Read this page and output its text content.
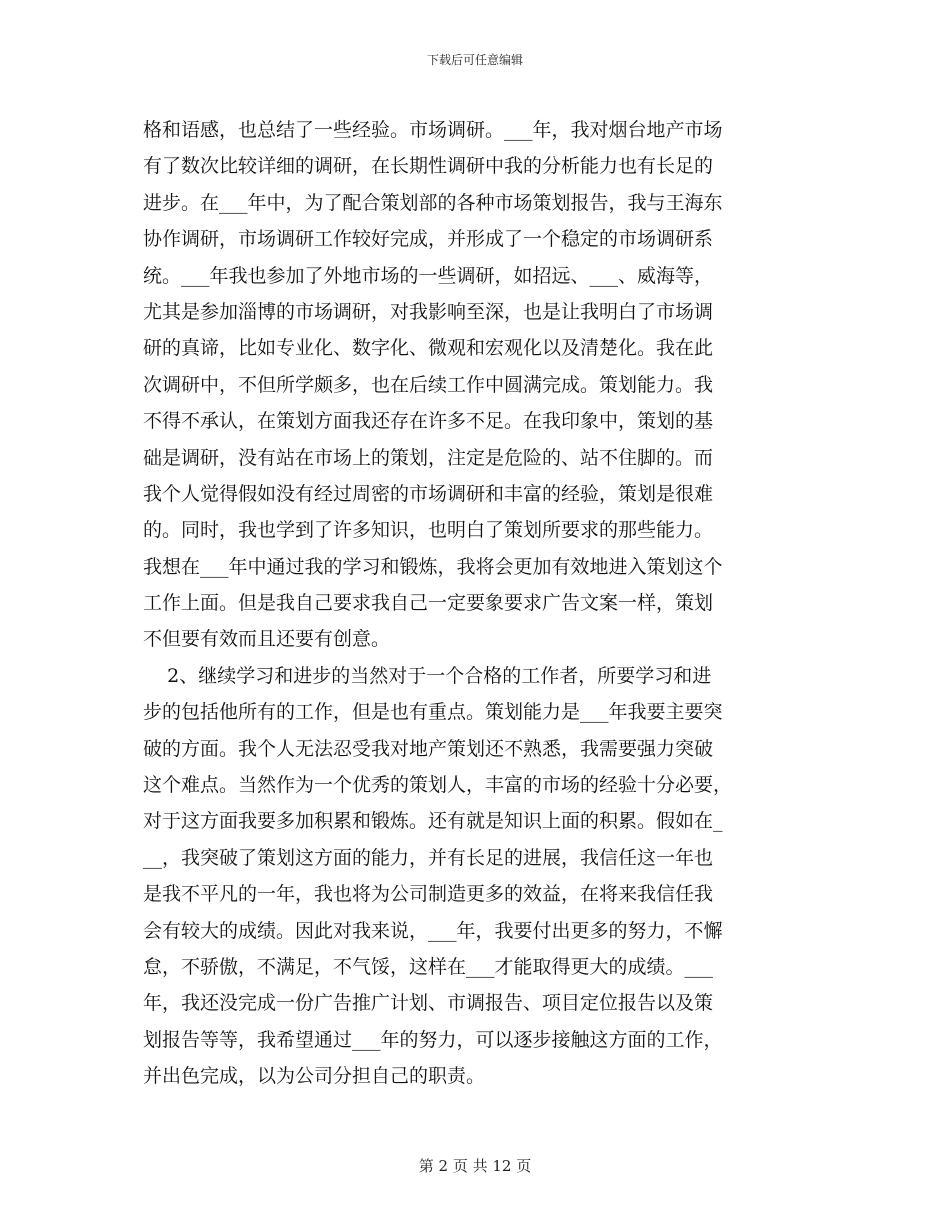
下载后可任意编辑
格和语感，也总结了一些经验。市场调研。___年，我对烟台地产市场
有了数次比较详细的调研，在长期性调研中我的分析能力也有长足的
进步。在___年中，为了配合策划部的各种市场策划报告，我与王海东
协作调研，市场调研工作较好完成，并形成了一个稳定的市场调研系
统。___年我也参加了外地市场的一些调研，如招远、___、威海等，
尤其是参加淄博的市场调研，对我影响至深，也是让我明白了市场调
研的真谛，比如专业化、数字化、微观和宏观化以及清楚化。我在此
次调研中，不但所学颇多，也在后续工作中圆满完成。策划能力。我
不得不承认，在策划方面我还存在许多不足。在我印象中，策划的基
础是调研，没有站在市场上的策划，注定是危险的、站不住脚的。而
我个人觉得假如没有经过周密的市场调研和丰富的经验，策划是很难
的。同时，我也学到了许多知识，也明白了策划所要求的那些能力。
我想在___年中通过我的学习和锻炼，我将会更加有效地进入策划这个
工作上面。但是我自己要求我自己一定要象要求广告文案一样，策划
不但要有效而且还要有创意。
2、继续学习和进步的当然对于一个合格的工作者，所要学习和进
步的包括他所有的工作，但是也有重点。策划能力是___年我要主要突
破的方面。我个人无法忍受我对地产策划还不熟悉，我需要强力突破
这个难点。当然作为一个优秀的策划人，丰富的市场的经验十分必要，
对于这方面我要多加积累和锻炼。还有就是知识上面的积累。假如在_
__，我突破了策划这方面的能力，并有长足的进展，我信任这一年也
是我不平凡的一年，我也将为公司制造更多的效益，在将来我信任我
会有较大的成绩。因此对我来说，___年，我要付出更多的努力，不懈
怠，不骄傲，不满足，不气馁，这样在___才能取得更大的成绩。___
年，我还没完成一份广告推广计划、市调报告、项目定位报告以及策
划报告等等，我希望通过___年的努力，可以逐步接触这方面的工作，
并出色完成，以为公司分担自己的职责。
第 2 页 共 12 页
